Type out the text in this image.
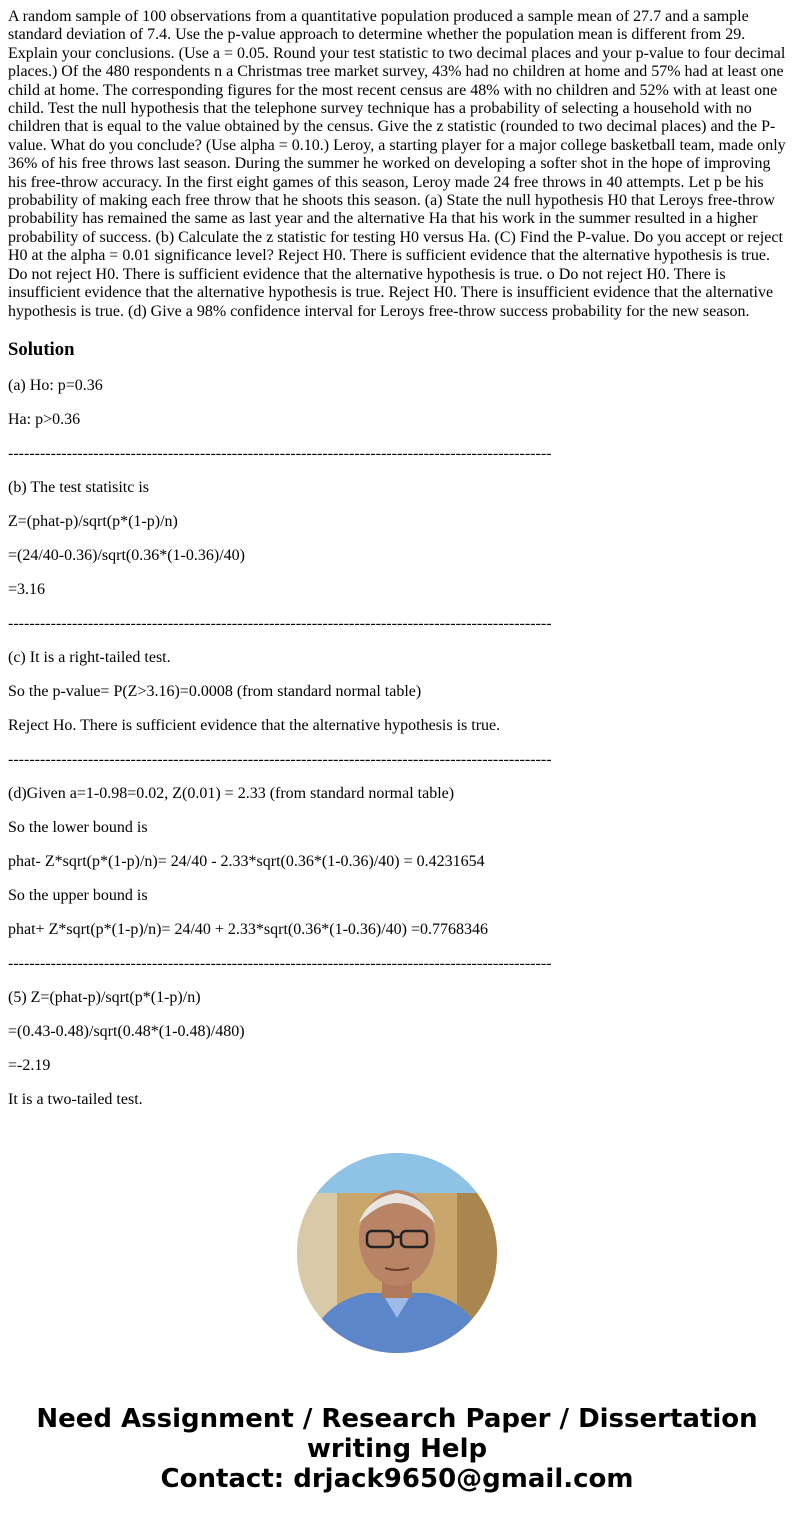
A random sample of 100 observations from a quantitative population produced a sample mean of 27.7 and a sample standard deviation of 7.4. Use the p-value approach to determine whether the population mean is different from 29. Explain your conclusions. (Use a = 0.05. Round your test statistic to two decimal places and your p-value to four decimal places.) Of the 480 respondents n a Christmas tree market survey, 43% had no children at home and 57% had at least one child at home. The corresponding figures for the most recent census are 48% with no children and 52% with at least one child. Test the null hypothesis that the telephone survey technique has a probability of selecting a household with no children that is equal to the value obtained by the census. Give the z statistic (rounded to two decimal places) and the P-value. What do you conclude? (Use alpha = 0.10.) Leroy, a starting player for a major college basketball team, made only 36% of his free throws last season. During the summer he worked on developing a softer shot in the hope of improving his free-throw accuracy. In the first eight games of this season, Leroy made 24 free throws in 40 attempts. Let p be his probability of making each free throw that he shoots this season. (a) State the null hypothesis H0 that Leroys free-throw probability has remained the same as last year and the alternative Ha that his work in the summer resulted in a higher probability of success. (b) Calculate the z statistic for testing H0 versus Ha. (C) Find the P-value. Do you accept or reject H0 at the alpha = 0.01 significance level? Reject H0. There is sufficient evidence that the alternative hypothesis is true. Do not reject H0. There is sufficient evidence that the alternative hypothesis is true. o Do not reject H0. There is insufficient evidence that the alternative hypothesis is true. Reject H0. There is insufficient evidence that the alternative hypothesis is true. (d) Give a 98% confidence interval for Leroys free-throw success probability for the new season.

Solution

(a) Ho: p=0.36

Ha: p>0.36

------------------------------------------------------------------------------------------------------

(b) The test statisitc is

Z=(phat-p)/sqrt(p*(1-p)/n)

=(24/40-0.36)/sqrt(0.36*(1-0.36)/40)

=3.16

------------------------------------------------------------------------------------------------------

(c) It is a right-tailed test.

So the p-value= P(Z>3.16)=0.0008 (from standard normal table)

Reject Ho. There is sufficient evidence that the alternative hypothesis is true.

------------------------------------------------------------------------------------------------------

(d)Given a=1-0.98=0.02, Z(0.01) = 2.33 (from standard normal table)

So the lower bound is

phat- Z*sqrt(p*(1-p)/n)= 24/40 - 2.33*sqrt(0.36*(1-0.36)/40) = 0.4231654

So the upper bound is

phat+ Z*sqrt(p*(1-p)/n)= 24/40 + 2.33*sqrt(0.36*(1-0.36)/40) =0.7768346

------------------------------------------------------------------------------------------------------

(5) Z=(phat-p)/sqrt(p*(1-p)/n)

=(0.43-0.48)/sqrt(0.48*(1-0.48)/480)

=-2.19

It is a two-tailed test.

Need Assignment / Research Paper / Dissertation
writing Help
Contact: drjack9650@gmail.com
